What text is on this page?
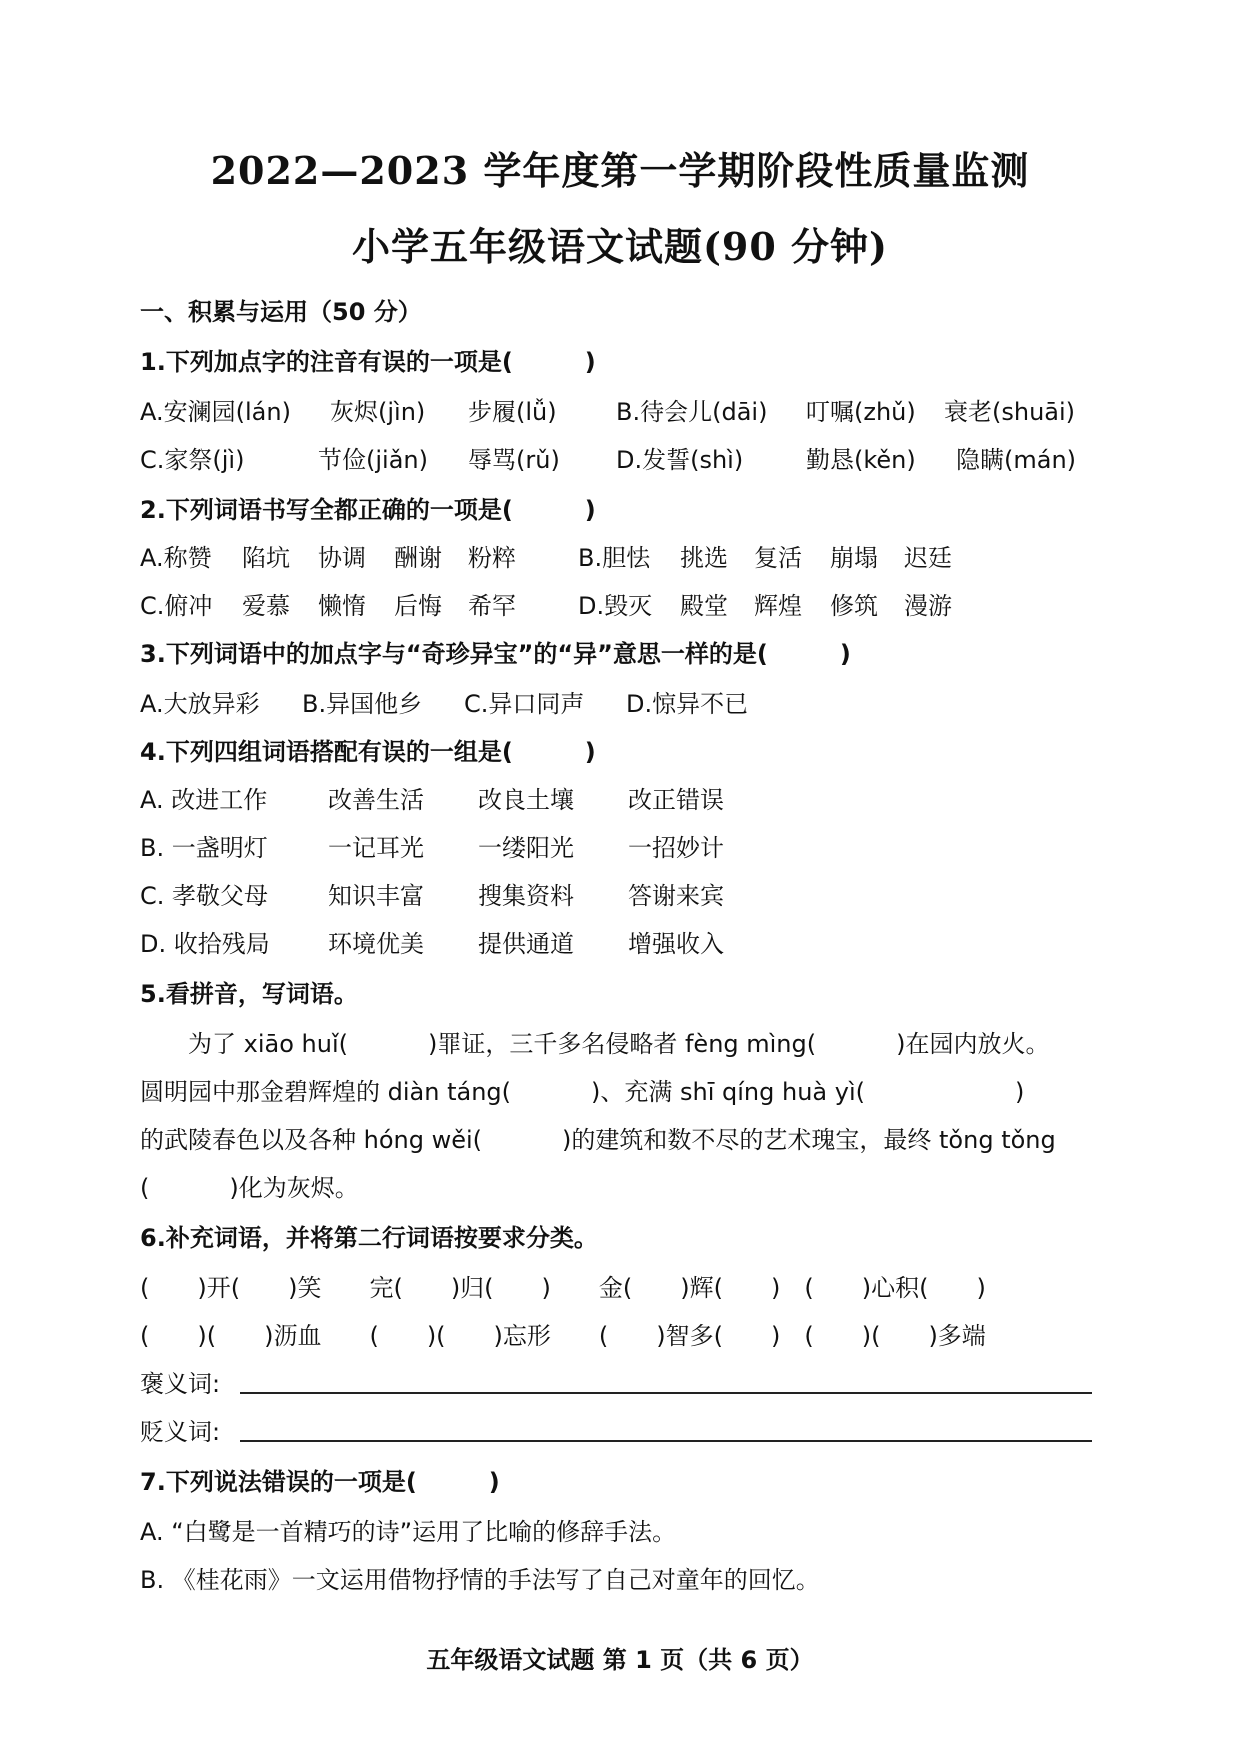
2022—2023 学年度第一学期阶段性质量监测
小学五年级语文试题(90 分钟)
一、积累与运用（50 分）
1.下列加点字的注音有误的一项是(　　　)
A.安澜园(lán) 灰烬(jìn) 步履(lǚ) B.待会儿(dāi) 叮嘱(zhǔ) 衰老(shuāi)
C.家祭(jì)	节俭(jiǎn) 辱骂(rǔ) D.发誓(shì)	勤恳(kěn) 隐瞒(mán)
2.下列词语书写全都正确的一项是(　　　)
A.称赞 陷坑 协调 酬谢 粉粹	B.胆怯 挑选 复活 崩塌 迟廷
C.俯冲 爱慕 懒惰 后悔 希罕	D.毁灭 殿堂 辉煌 修筑 漫游
3.下列词语中的加点字与“奇珍异宝”的“异”意思一样的是(　　　)
A.大放异彩 B.异国他乡 C.异口同声 D.惊异不已
4.下列四组词语搭配有误的一组是(　　　)
A. 改进工作	改善生活 改良土壤 改正错误
B. 一盏明灯	一记耳光 一缕阳光 一招妙计
C. 孝敬父母 知识丰富 搜集资料 答谢来宾
D. 收拾残局 环境优美 提供通道 增强收入
5.看拼音，写词语。
为了 xiāo huǐ(	)罪证，三千多名侵略者 fèng mìng(	)在园内放火。
圆明园中那金碧辉煌的 diàn táng(	)、充满 shī qíng huà yì(	)
的武陵春色以及各种 hóng wěi(	)的建筑和数不尽的艺术瑰宝，最终 tǒng tǒng
(	)化为灰烬。
6.补充词语，并将第二行词语按要求分类。
(　　)开(　　)笑　　完(　　)归(　　)　　金(　　)辉(　　)　(　　)心积(　　)
(　　)(　　)沥血　　(　　)(　　)忘形　　(　　)智多(　　)　(　　)(　　)多端
褒义词:
贬义词:
7.下列说法错误的一项是(　　　)
A. “白鹭是一首精巧的诗”运用了比喻的修辞手法。
B. 《桂花雨》一文运用借物抒情的手法写了自己对童年的回忆。
五年级语文试题 第 1 页（共 6 页）
